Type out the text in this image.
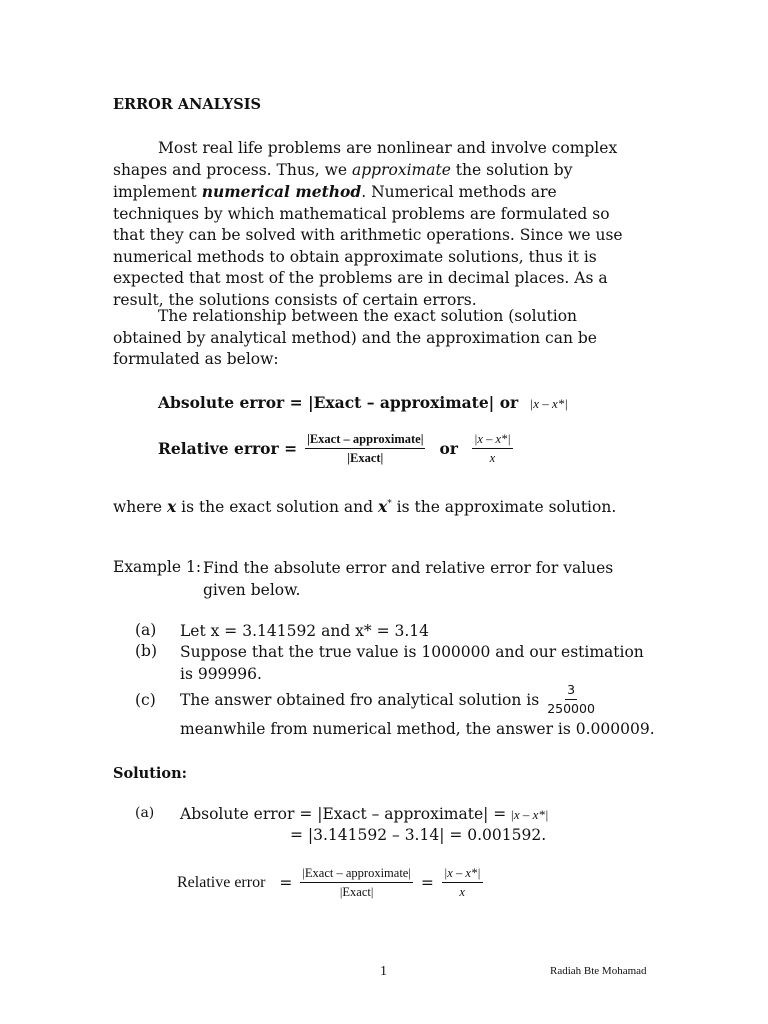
ERROR ANALYSIS

Most real life problems are nonlinear and involve complex shapes and process. Thus, we approximate the solution by implement numerical method. Numerical methods are techniques by which mathematical problems are formulated so that they can be solved with arithmetic operations. Since we use numerical methods to obtain approximate solutions, thus it is expected that most of the problems are in decimal places. As a result, the solutions consists of certain errors.

The relationship between the exact solution (solution obtained by analytical method) and the approximation can be formulated as below:

Absolute error = |Exact – approximate| or |x – x*|
Relative error = $\frac{\text{|Exact – approximate|}}{\text{|Exact|}}$ or $\frac{|x - x*|}{x}$

where x is the exact solution and x* is the approximate solution.

Example 1: Find the absolute error and relative error for values given below.

(a) Let x = 3.141592 and x* = 3.14

(b) Suppose that the true value is 1000000 and our estimation is 999996.

(c) The answer obtained fro analytical solution is $\frac{3}{250000}$

meanwhile from numerical method, the answer is 0.000009.

Solution:
(a) Absolute error = |Exact – approximate| = |x – x*|

= |3.141592 – 3.14| = 0.001592.

Relative error = $\frac{\text{|Exact – approximate|}}{\text{|Exact|}} = \frac{|x - x*|}{x}$
1	Radiah Bte Mohamad
